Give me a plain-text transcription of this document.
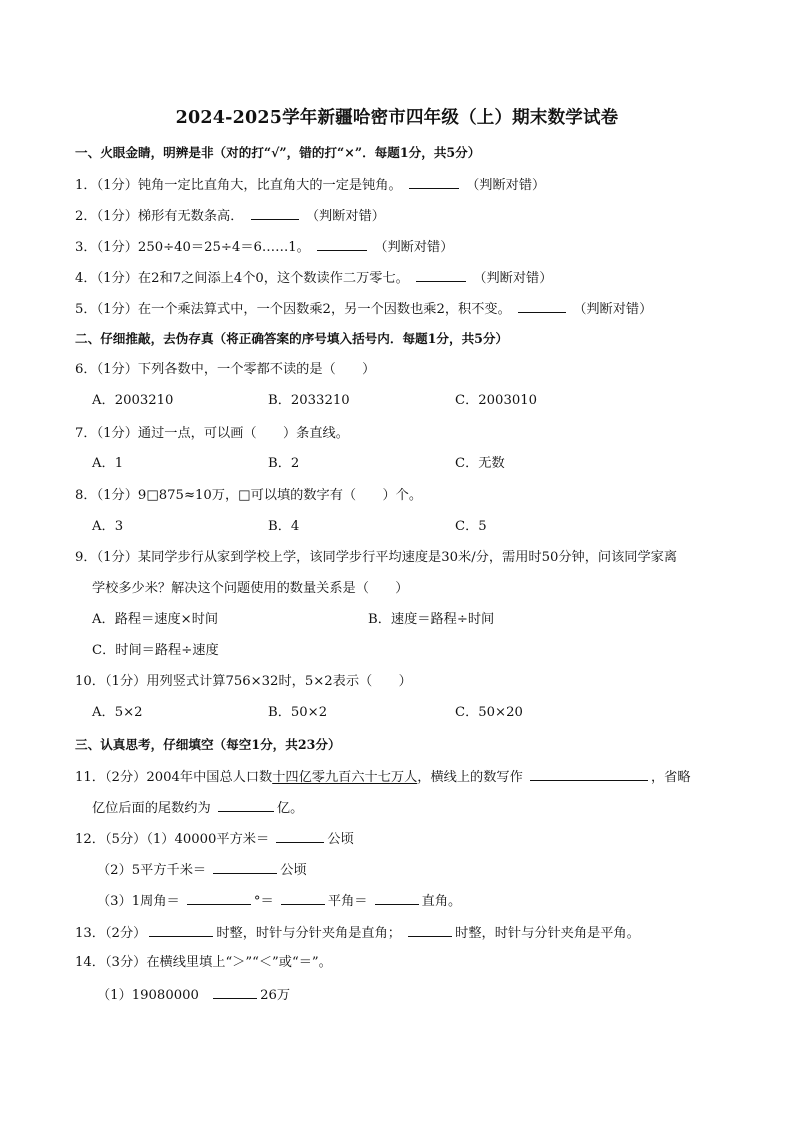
2024-2025学年新疆哈密市四年级（上）期末数学试卷
一、火眼金睛，明辨是非（对的打“√”，错的打“×”．每题1分，共5分）
1．（1分）钝角一定比直角大，比直角大的一定是钝角。	（判断对错）
2．（1分）梯形有无数条高．	（判断对错）
3．（1分）250÷40＝25÷4＝6……1。	（判断对错）
4．（1分）在2和7之间添上4个0，这个数读作二万零七。	（判断对错）
5．（1分）在一个乘法算式中，一个因数乘2，另一个因数也乘2，积不变。	（判断对错）
二、仔细推敲，去伪存真（将正确答案的序号填入括号内．每题1分，共5分）
6．（1分）下列各数中，一个零都不读的是（　　）
A．2003210	B．2033210	C．2003010
7．（1分）通过一点，可以画（　　）条直线。
A．1	B．2	C．无数
8．（1分）9□875≈10万，□可以填的数字有（　　）个。
A．3	B．4	C．5
9．（1分）某同学步行从家到学校上学，该同学步行平均速度是30米/分，需用时50分钟，问该同学家离
学校多少米？解决这个问题使用的数量关系是（　　）
A．路程＝速度×时间	B．速度＝路程÷时间
C．时间＝路程÷速度
10．（1分）用列竖式计算756×32时，5×2表示（　　）
A．5×2	B．50×2	C．50×20
三、认真思考，仔细填空（每空1分，共23分）
11．（2分）2004年中国总人口数十四亿零九百六十七万人，横线上的数写作	，省略
亿位后面的尾数约为	亿。
12．（5分）（1）40000平方米＝	公顷
（2）5平方千米＝	公顷
（3）1周角＝	°＝	平角＝	直角。
13．（2分）	时整，时针与分针夹角是直角；	时整，时针与分针夹角是平角。
14．（3分）在横线里填上“＞”“＜”或“＝”。
（1）19080000	26万
